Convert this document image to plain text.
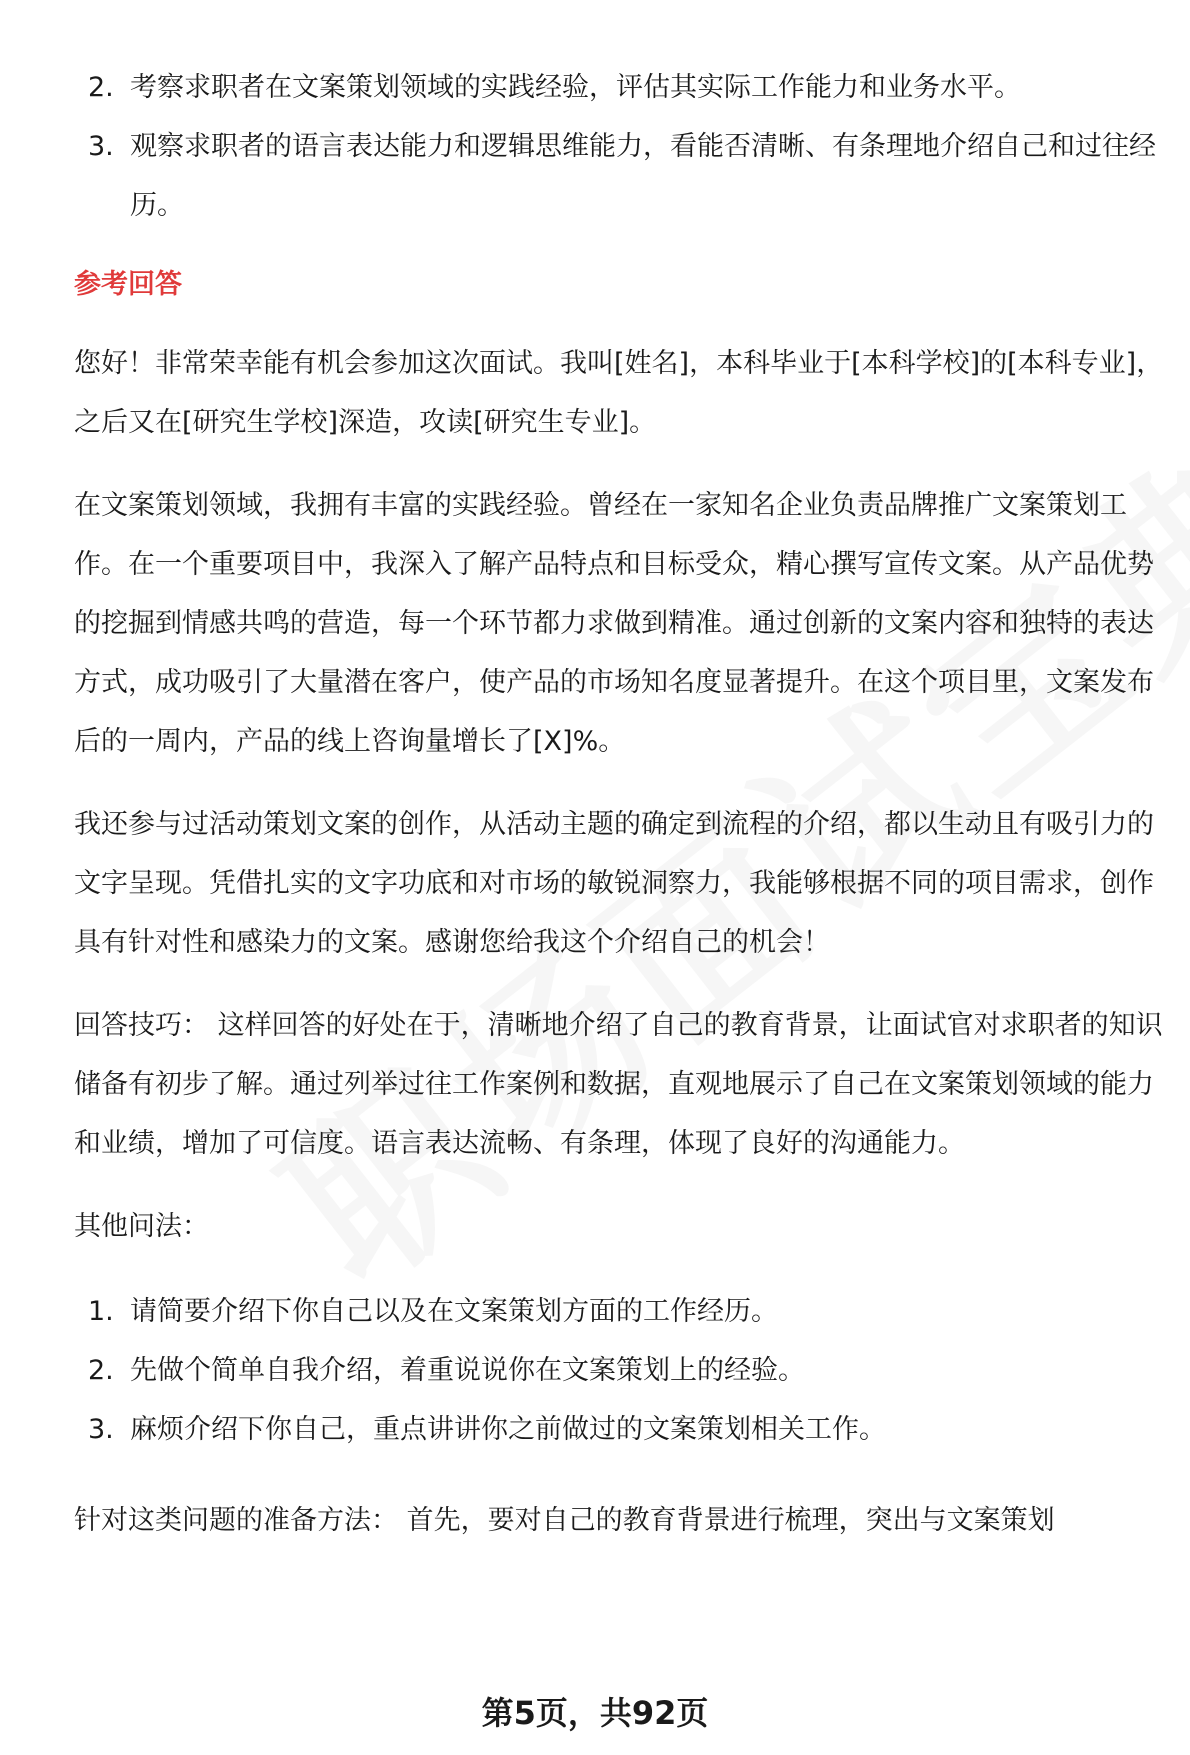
2. 考察求职者在文案策划领域的实践经验，评估其实际工作能力和业务水平。
3. 观察求职者的语言表达能力和逻辑思维能力，看能否清晰、有条理地介绍自己和过往经历。

参考回答

您好！非常荣幸能有机会参加这次面试。我叫[姓名]，本科毕业于[本科学校]的[本科专业]，之后又在[研究生学校]深造，攻读[研究生专业]。

在文案策划领域，我拥有丰富的实践经验。曾经在一家知名企业负责品牌推广文案策划工作。在一个重要项目中，我深入了解产品特点和目标受众，精心撰写宣传文案。从产品优势的挖掘到情感共鸣的营造，每一个环节都力求做到精准。通过创新的文案内容和独特的表达方式，成功吸引了大量潜在客户，使产品的市场知名度显著提升。在这个项目里，文案发布后的一周内，产品的线上咨询量增长了[X]%。

我还参与过活动策划文案的创作，从活动主题的确定到流程的介绍，都以生动且有吸引力的文字呈现。凭借扎实的文字功底和对市场的敏锐洞察力，我能够根据不同的项目需求，创作具有针对性和感染力的文案。感谢您给我这个介绍自己的机会！

回答技巧： 这样回答的好处在于，清晰地介绍了自己的教育背景，让面试官对求职者的知识储备有初步了解。通过列举过往工作案例和数据，直观地展示了自己在文案策划领域的能力和业绩，增加了可信度。语言表达流畅、有条理，体现了良好的沟通能力。

其他问法：

1. 请简要介绍下你自己以及在文案策划方面的工作经历。
2. 先做个简单自我介绍，着重说说你在文案策划上的经验。
3. 麻烦介绍下你自己，重点讲讲你之前做过的文案策划相关工作。

针对这类问题的准备方法： 首先，要对自己的教育背景进行梳理，突出与文案策划

第5页，共92页
